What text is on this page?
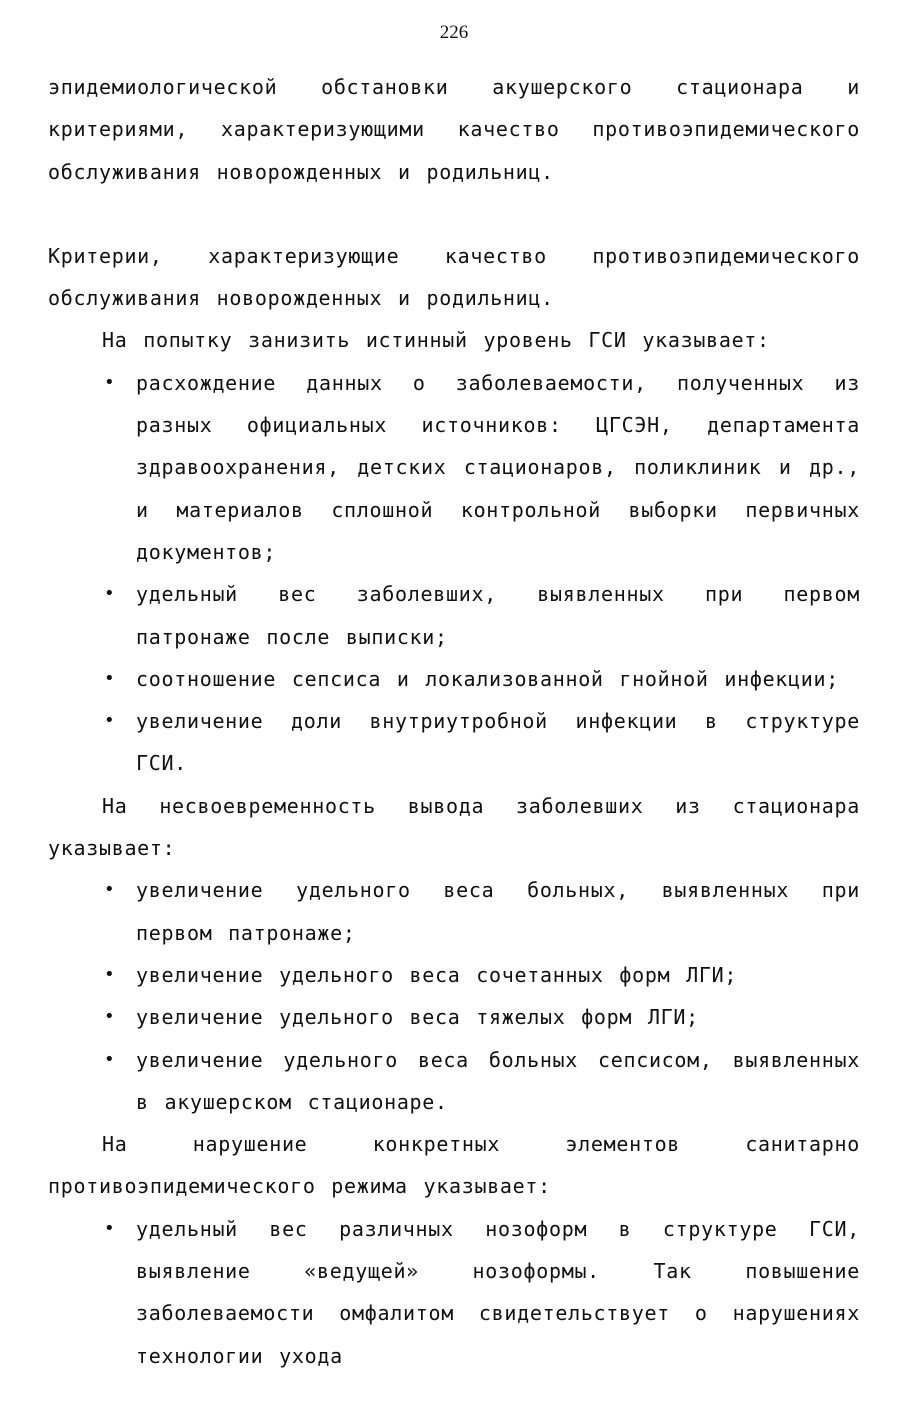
226

эпидемиологической обстановки акушерского стационара и критериями, характеризующими качество противоэпидемического обслуживания новорожденных и родильниц.

Критерии, характеризующие качество противоэпидемического обслуживания новорожденных и родильниц.

На попытку занизить истинный уровень ГСИ указывает:

•	расхождение данных о заболеваемости, полученных из разных официальных источников: ЦГСЭН, департамента здравоохранения, детских стационаров, поликлиник и др., и материалов сплошной контрольной выборки первичных документов;
•	удельный вес заболевших, выявленных при первом патронаже после выписки;
•	соотношение сепсиса и локализованной гнойной инфекции;
•	увеличение доли внутриутробной инфекции в структуре ГСИ.

На несвоевременность вывода заболевших из стационара указывает:

•	увеличение удельного веса больных, выявленных при первом патронаже;
•	увеличение удельного веса сочетанных форм ЛГИ;
•	увеличение удельного веса тяжелых форм ЛГИ;
•	увеличение удельного веса больных сепсисом, выявленных в акушерском стационаре.

На нарушение конкретных элементов санитарно противоэпидемического режима указывает:

•	удельный вес различных нозоформ в структуре ГСИ, выявление «ведущей» нозоформы. Так повышение заболеваемости омфалитом свидетельствует о нарушениях технологии ухода
